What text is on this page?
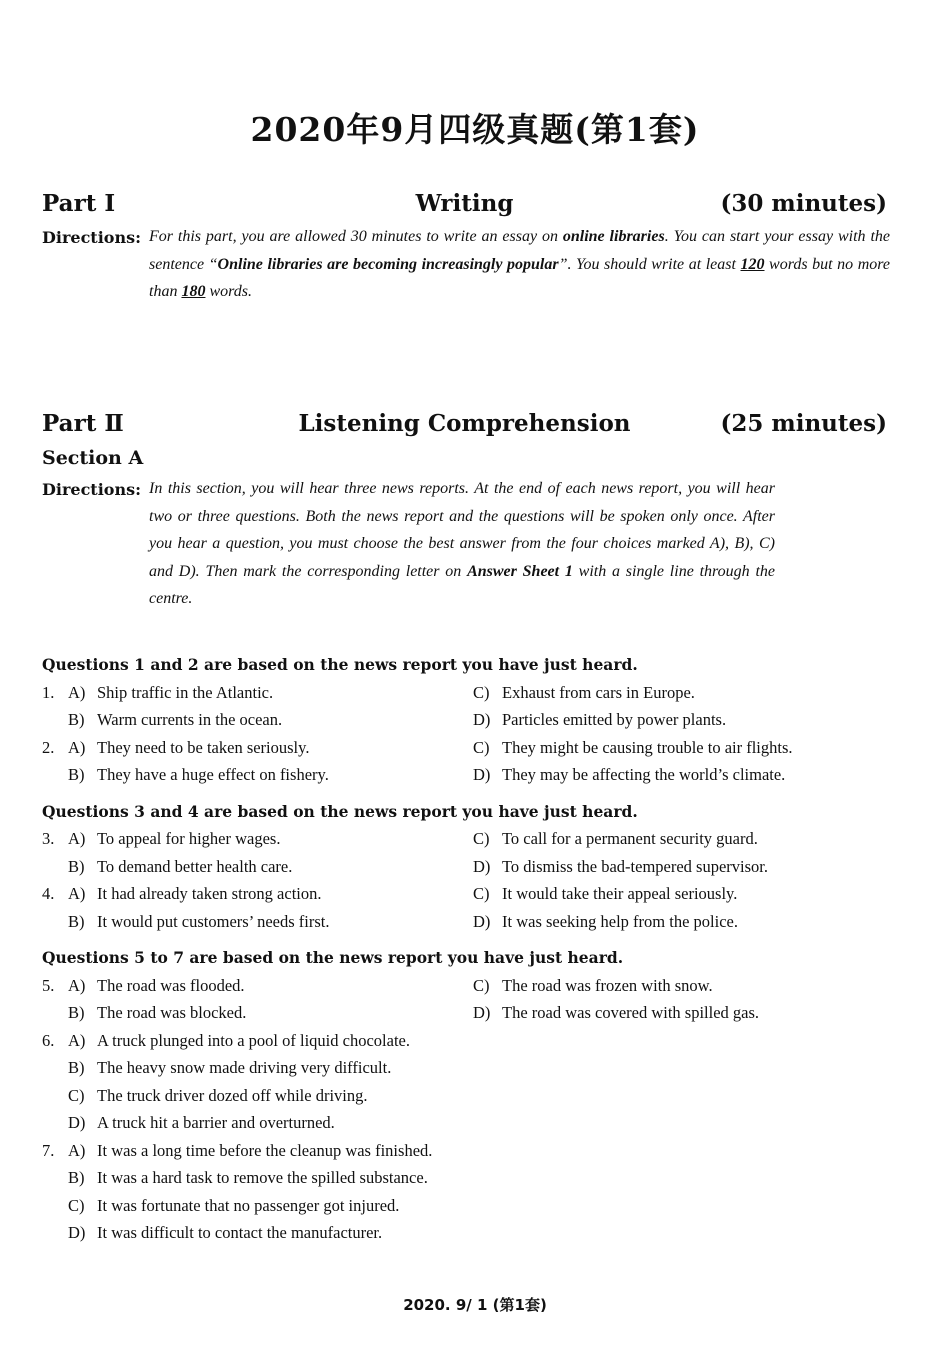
2020年9月四级真题(第1套)
Part Ⅰ	Writing	(30 minutes)
Directions: For this part, you are allowed 30 minutes to write an essay on online libraries. You can start your essay with the sentence “Online libraries are becoming increasingly popular”. You should write at least 120 words but no more than 180 words.
Part Ⅱ	Listening Comprehension	(25 minutes)
Section A
Directions: In this section, you will hear three news reports. At the end of each news report, you will hear two or three questions. Both the news report and the questions will be spoken only once. After you hear a question, you must choose the best answer from the four choices marked A), B), C) and D). Then mark the corresponding letter on Answer Sheet 1 with a single line through the centre.
Questions 1 and 2 are based on the news report you have just heard.
1. A) Ship traffic in the Atlantic.	C) Exhaust from cars in Europe.
B) Warm currents in the ocean.	D) Particles emitted by power plants.
2. A) They need to be taken seriously.	C) They might be causing trouble to air flights.
B) They have a huge effect on fishery.	D) They may be affecting the world’s climate.
Questions 3 and 4 are based on the news report you have just heard.
3. A) To appeal for higher wages.	C) To call for a permanent security guard.
B) To demand better health care.	D) To dismiss the bad-tempered supervisor.
4. A) It had already taken strong action.	C) It would take their appeal seriously.
B) It would put customers’ needs first.	D) It was seeking help from the police.
Questions 5 to 7 are based on the news report you have just heard.
5. A) The road was flooded.	C) The road was frozen with snow.
B) The road was blocked.	D) The road was covered with spilled gas.
6. A) A truck plunged into a pool of liquid chocolate.
B) The heavy snow made driving very difficult.
C) The truck driver dozed off while driving.
D) A truck hit a barrier and overturned.
7. A) It was a long time before the cleanup was finished.
B) It was a hard task to remove the spilled substance.
C) It was fortunate that no passenger got injured.
D) It was difficult to contact the manufacturer.
2020. 9/ 1 (第1套)
